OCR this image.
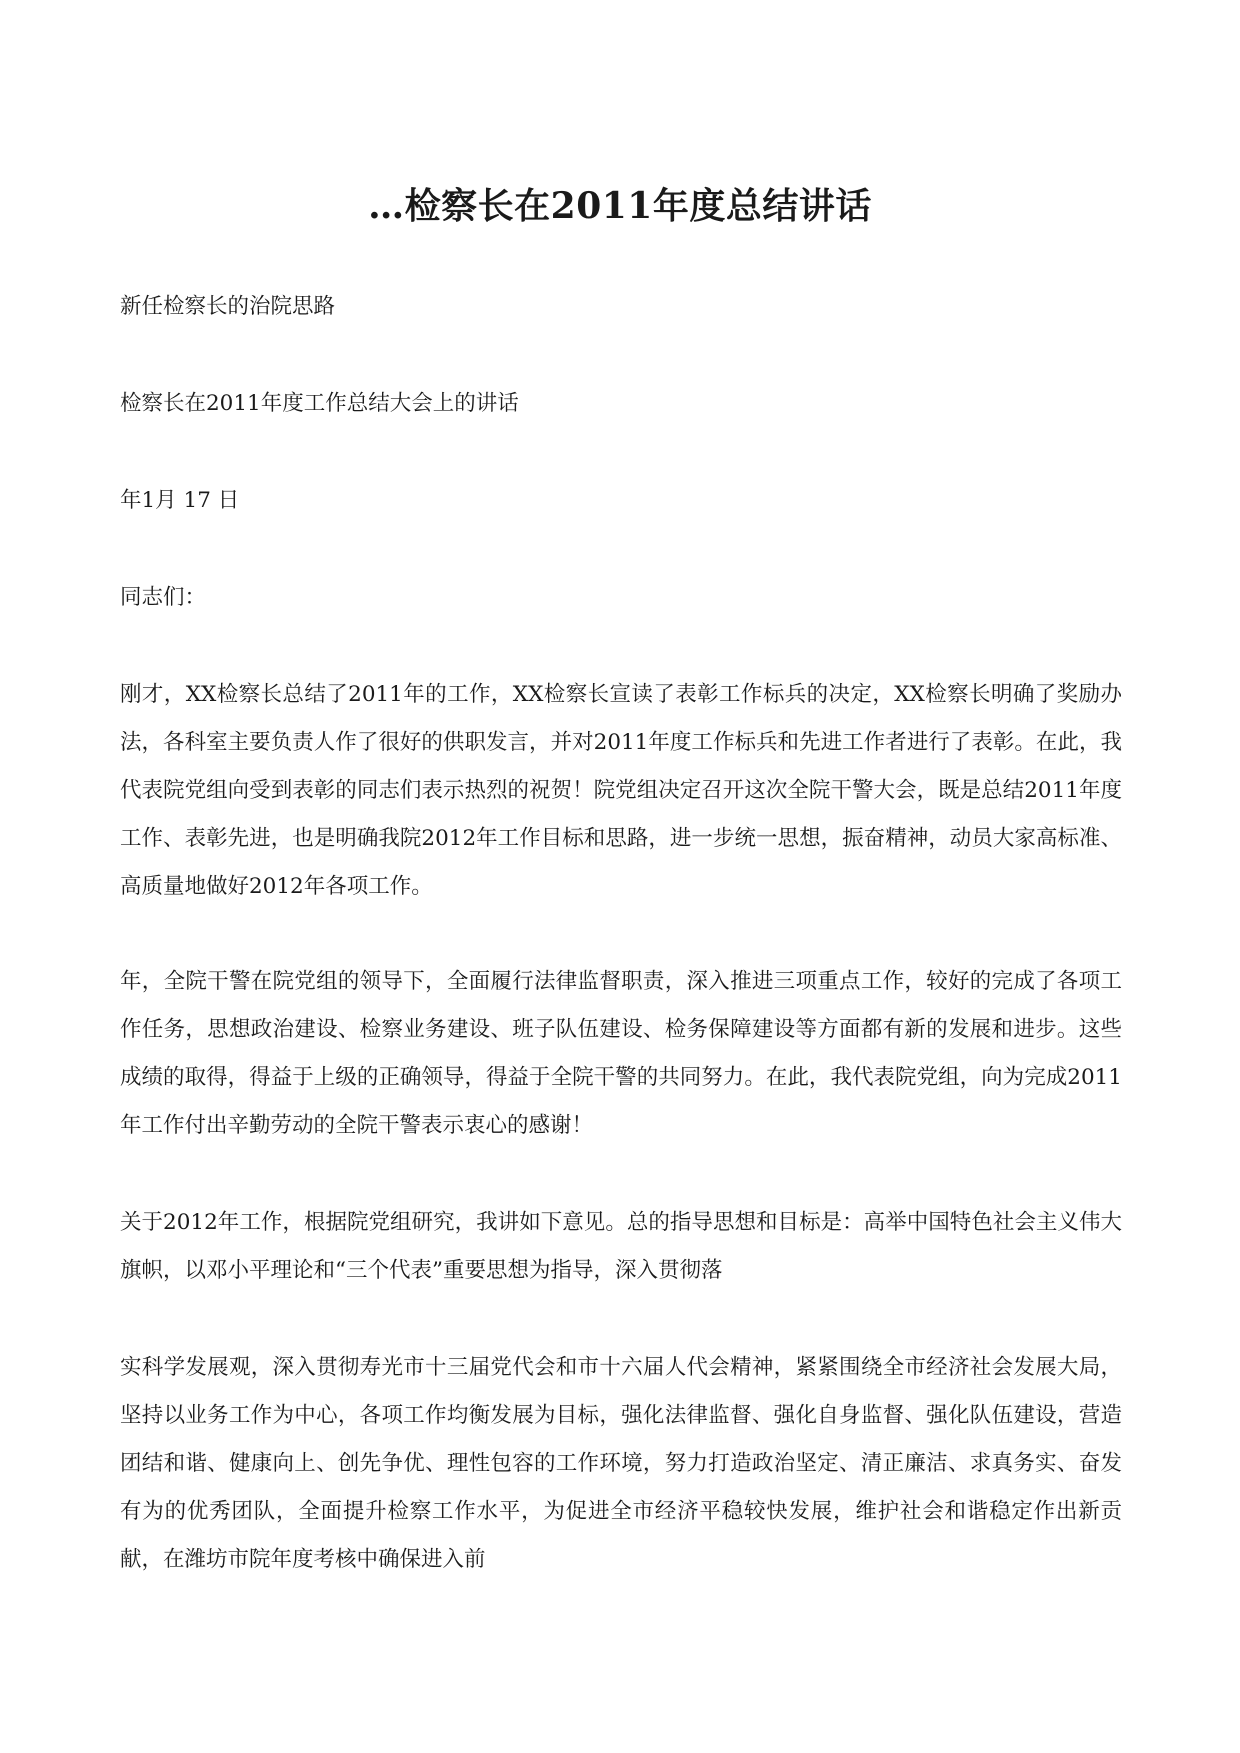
…检察长在2011年度总结讲话

新任检察长的治院思路

检察长在2011年度工作总结大会上的讲话

年1月 17 日

同志们：

刚才，XX检察长总结了2011年的工作，XX检察长宣读了表彰工作标兵的决定，XX检察长明确了奖励办法，各科室主要负责人作了很好的供职发言，并对2011年度工作标兵和先进工作者进行了表彰。在此，我代表院党组向受到表彰的同志们表示热烈的祝贺！院党组决定召开这次全院干警大会，既是总结2011年度工作、表彰先进，也是明确我院2012年工作目标和思路，进一步统一思想，振奋精神，动员大家高标准、高质量地做好2012年各项工作。

年，全院干警在院党组的领导下，全面履行法律监督职责，深入推进三项重点工作，较好的完成了各项工作任务，思想政治建设、检察业务建设、班子队伍建设、检务保障建设等方面都有新的发展和进步。这些成绩的取得，得益于上级的正确领导，得益于全院干警的共同努力。在此，我代表院党组，向为完成2011年工作付出辛勤劳动的全院干警表示衷心的感谢！

关于2012年工作，根据院党组研究，我讲如下意见。总的指导思想和目标是：高举中国特色社会主义伟大旗帜，以邓小平理论和“三个代表”重要思想为指导，深入贯彻落

实科学发展观，深入贯彻寿光市十三届党代会和市十六届人代会精神，紧紧围绕全市经济社会发展大局，坚持以业务工作为中心，各项工作均衡发展为目标，强化法律监督、强化自身监督、强化队伍建设，营造团结和谐、健康向上、创先争优、理性包容的工作环境，努力打造政治坚定、清正廉洁、求真务实、奋发有为的优秀团队，全面提升检察工作水平，为促进全市经济平稳较快发展，维护社会和谐稳定作出新贡献，在潍坊市院年度考核中确保进入前
